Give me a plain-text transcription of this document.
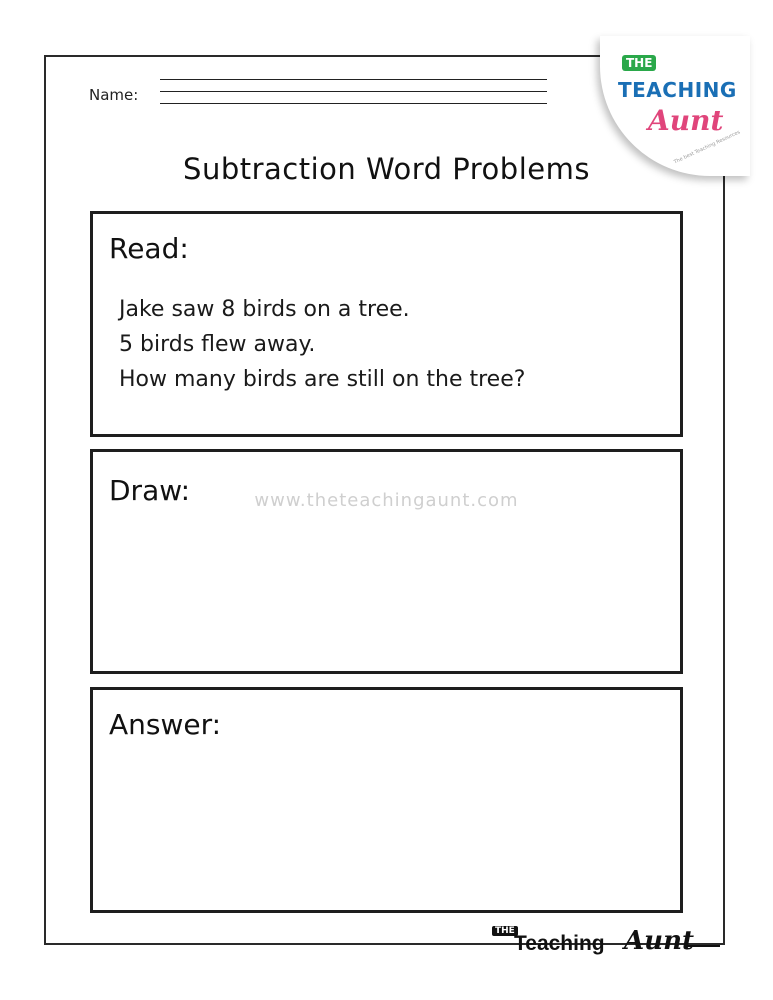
Name:
Subtraction Word Problems
Read:
Jake saw 8 birds on a tree.
5 birds flew away.
How many birds are still on the tree?
Draw:	www.theteachingaunt.com
Answer:
THE
TEACHING
Aunt
The best Teaching Resources
THE
Teaching Aunt
